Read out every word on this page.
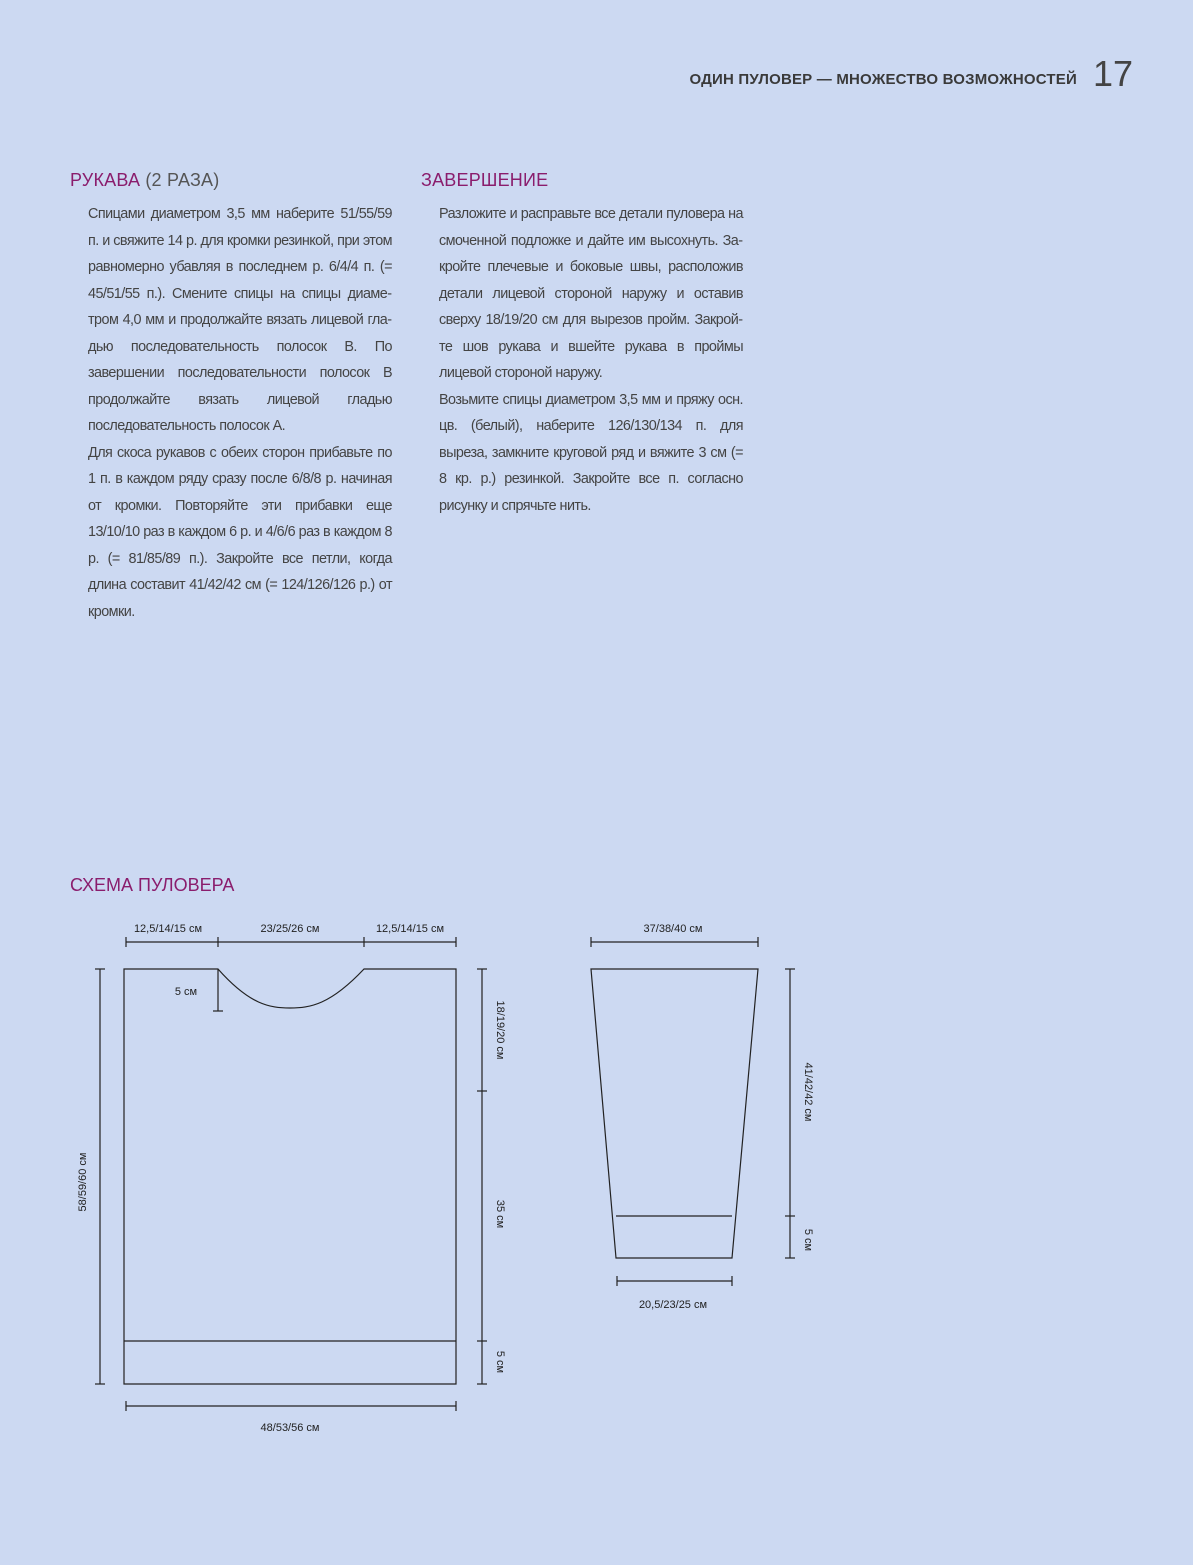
ОДИН ПУЛОВЕР — МНОЖЕСТВО ВОЗМОЖНОСТЕЙ 17
РУКАВА (2 РАЗА)

Спицами диаметром 3,5 мм наберите 51/55/59 п. и свяжите 14 р. для кромки резинкой, при этом равномерно убавляя в последнем р. 6/4/4 п. (= 45/51/55 п.). Смените спицы на спицы диаметром 4,0 мм и продолжайте вязать лицевой гладью последовательность полосок В. По завершении последовательности полосок В продолжайте вязать лицевой гладью последовательность полосок А.

Для скоса рукавов с обеих сторон прибавьте по 1 п. в каждом ряду сразу после 6/8/8 р. начиная от кромки. Повторяйте эти прибавки еще 13/10/10 раз в каждом 6 р. и 4/6/6 раз в каждом 8 р. (= 81/85/89 п.). Закройте все петли, когда длина составит 41/42/42 см (= 124/126/126 р.) от кромки.

ЗАВЕРШЕНИЕ

Разложите и расправьте все детали пуловера на смоченной подложке и дайте им высохнуть. Закройте плечевые и боковые швы, расположив детали лицевой стороной наружу и оставив сверху 18/19/20 см для вырезов пройм. Закройте шов рукава и вшейте рукава в проймы лицевой стороной наружу.

Возьмите спицы диаметром 3,5 мм и пряжу осн. цв. (белый), наберите 126/130/134 п. для выреза, замкните круговой ряд и вяжите 3 см (= 8 кр. р.) резинкой. Закройте все п. согласно рисунку и спрячьте нить.

СХЕМА ПУЛОВЕРА
12,5/14/15 см	23/25/26 см	12,5/14/15 см
5 см
18/19/20 см
35 см
5 см
58/59/60 см
48/53/56 см
37/38/40 см
41/42/42 см
5 см
20,5/23/25 см
